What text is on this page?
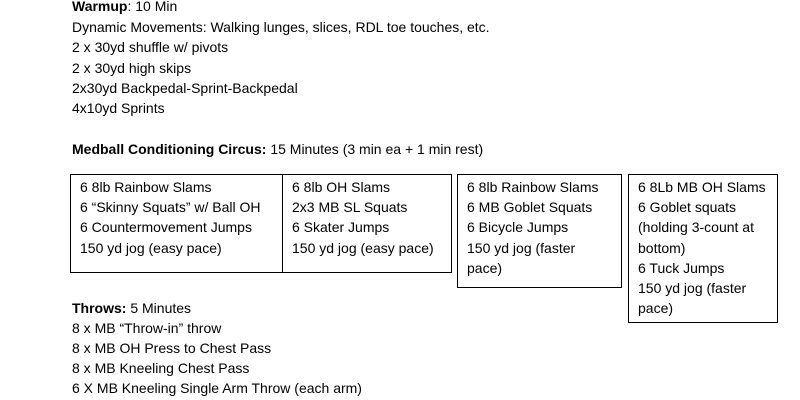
Warmup: 10 Min
Dynamic Movements: Walking lunges, slices, RDL toe touches, etc.
2 x 30yd shuffle w/ pivots
2 x 30yd high skips
2x30yd Backpedal-Sprint-Backpedal
4x10yd Sprints
Medball Conditioning Circus: 15 Minutes (3 min ea + 1 min rest)
6 8lb Rainbow Slams
6 “Skinny Squats” w/ Ball OH
6 Countermovement Jumps
150 yd jog (easy pace)
6 8lb OH Slams
2x3 MB SL Squats
6 Skater Jumps
150 yd jog (easy pace)
6 8lb Rainbow Slams
6 MB Goblet Squats
6 Bicycle Jumps
150 yd jog (faster
pace)
6 8Lb MB OH Slams
6 Goblet squats
(holding 3-count at
bottom)
6 Tuck Jumps
150 yd jog (faster
pace)
Throws: 5 Minutes
8 x MB “Throw-in” throw
8 x MB OH Press to Chest Pass
8 x MB Kneeling Chest Pass
6 X MB Kneeling Single Arm Throw (each arm)
